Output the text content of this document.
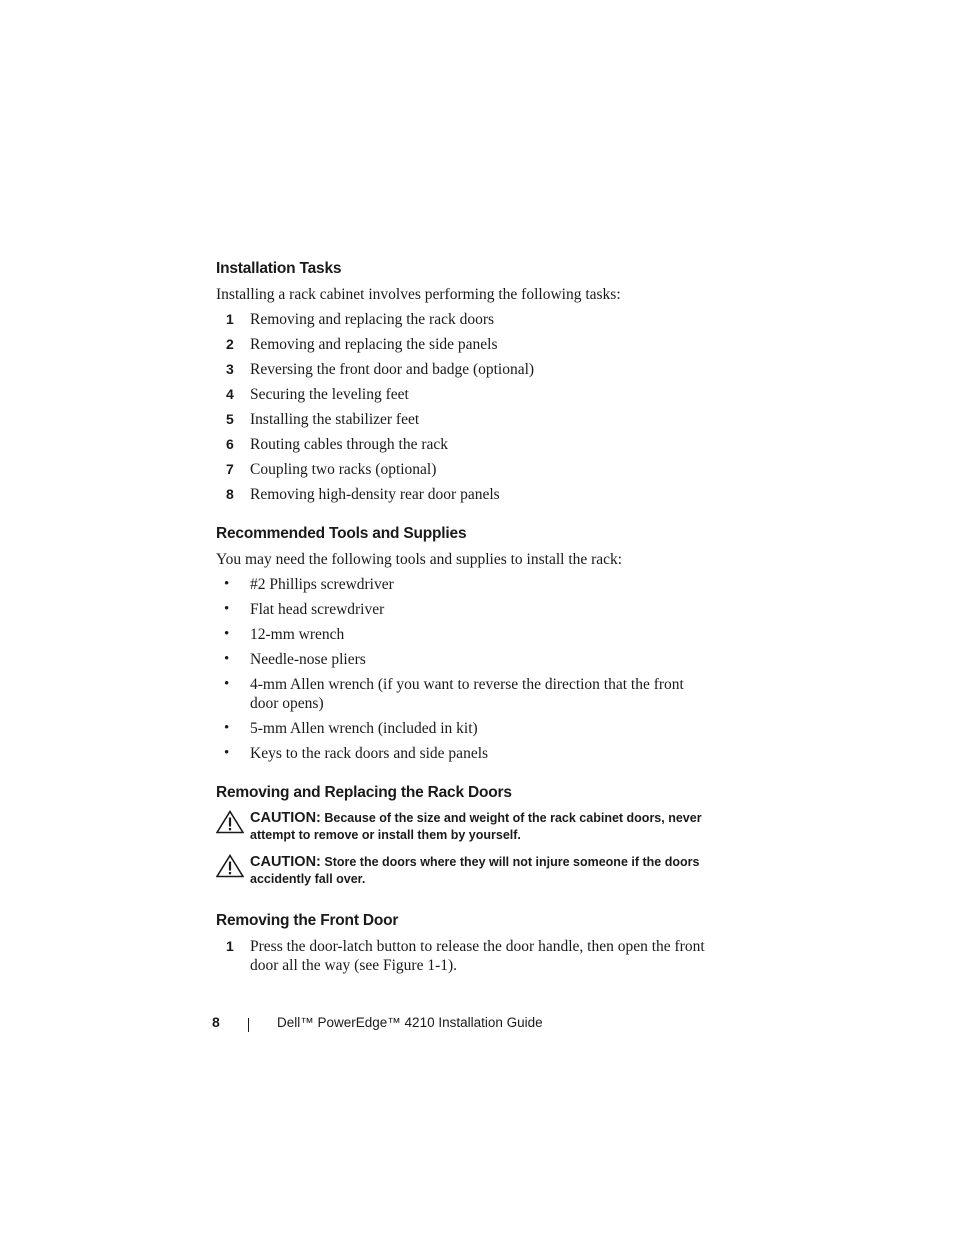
Installation Tasks

Installing a rack cabinet involves performing the following tasks:

1 Removing and replacing the rack doors
2 Removing and replacing the side panels
3 Reversing the front door and badge (optional)
4 Securing the leveling feet
5 Installing the stabilizer feet
6 Routing cables through the rack
7 Coupling two racks (optional)
8 Removing high-density rear door panels
Recommended Tools and Supplies

You may need the following tools and supplies to install the rack:

• #2 Phillips screwdriver
• Flat head screwdriver
• 12-mm wrench
• Needle-nose pliers
• 4-mm Allen wrench (if you want to reverse the direction that the front door opens)
• 5-mm Allen wrench (included in kit)
• Keys to the rack doors and side panels
Removing and Replacing the Rack Doors
CAUTION: Because of the size and weight of the rack cabinet doors, never attempt to remove or install them by yourself.
CAUTION: Store the doors where they will not injure someone if the doors accidently fall over.
Removing the Front Door
1 Press the door-latch button to release the door handle, then open the front door all the way (see Figure 1-1).
8	Dell™ PowerEdge™ 4210 Installation Guide
